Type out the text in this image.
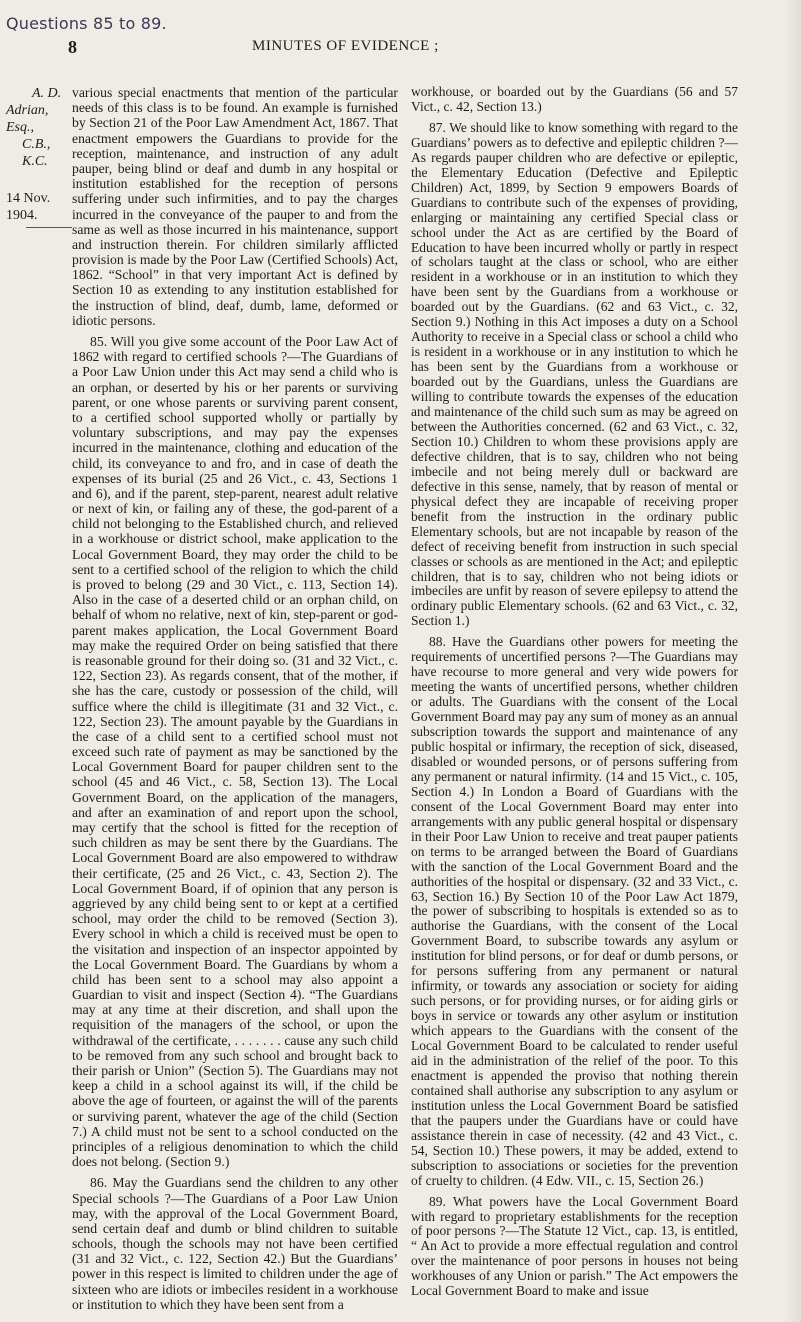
Questions 85 to 89.
8	MINUTES OF EVIDENCE ;
A. D.
Adrian, Esq.,
C.B., K.C.
14 Nov. 1904.

various special enactments that mention of the particular needs of this class is to be found. An example is furnished by Section 21 of the Poor Law Amendment Act, 1867. That enactment empowers the Guardians to provide for the reception, maintenance, and instruction of any adult pauper, being blind or deaf and dumb in any hospital or institution established for the reception of persons suffering under such infirmities, and to pay the charges incurred in the conveyance of the pauper to and from the same as well as those incurred in his maintenance, support and instruction therein. For children similarly afflicted provision is made by the Poor Law (Certified Schools) Act, 1862. “School” in that very important Act is defined by Section 10 as extending to any institution established for the instruction of blind, deaf, dumb, lame, deformed or idiotic persons.

85. Will you give some account of the Poor Law Act of 1862 with regard to certified schools ?—The Guardians of a Poor Law Union under this Act may send a child who is an orphan, or deserted by his or her parents or surviving parent, or one whose parents or surviving parent consent, to a certified school supported wholly or partially by voluntary subscriptions, and may pay the expenses incurred in the maintenance, clothing and education of the child, its conveyance to and fro, and in case of death the expenses of its burial (25 and 26 Vict., c. 43, Sections 1 and 6), and if the parent, step-parent, nearest adult relative or next of kin, or failing any of these, the god-parent of a child not belonging to the Established church, and relieved in a workhouse or district school, make application to the Local Government Board, they may order the child to be sent to a certified school of the religion to which the child is proved to belong (29 and 30 Vict., c. 113, Section 14). Also in the case of a deserted child or an orphan child, on behalf of whom no relative, next of kin, step-parent or god-parent makes application, the Local Government Board may make the required Order on being satisfied that there is reasonable ground for their doing so. (31 and 32 Vict., c. 122, Section 23). As regards consent, that of the mother, if she has the care, custody or possession of the child, will suffice where the child is illegitimate (31 and 32 Vict., c. 122, Section 23). The amount payable by the Guardians in the case of a child sent to a certified school must not exceed such rate of payment as may be sanctioned by the Local Government Board for pauper children sent to the school (45 and 46 Vict., c. 58, Section 13). The Local Government Board, on the application of the managers, and after an examination of and report upon the school, may certify that the school is fitted for the reception of such children as may be sent there by the Guardians. The Local Government Board are also empowered to withdraw their certificate, (25 and 26 Vict., c. 43, Section 2). The Local Government Board, if of opinion that any person is aggrieved by any child being sent to or kept at a certified school, may order the child to be removed (Section 3). Every school in which a child is received must be open to the visitation and inspection of an inspector appointed by the Local Government Board. The Guardians by whom a child has been sent to a school may also appoint a Guardian to visit and inspect (Section 4). “The Guardians may at any time at their discretion, and shall upon the requisition of the managers of the school, or upon the withdrawal of the certificate, . . . . . . . cause any such child to be removed from any such school and brought back to their parish or Union” (Section 5). The Guardians may not keep a child in a school against its will, if the child be above the age of fourteen, or against the will of the parents or surviving parent, whatever the age of the child (Section 7.) A child must not be sent to a school conducted on the principles of a religious denomination to which the child does not belong. (Section 9.)

86. May the Guardians send the children to any other Special schools ?—The Guardians of a Poor Law Union may, with the approval of the Local Government Board, send certain deaf and dumb or blind children to suitable schools, though the schools may not have been certified (31 and 32 Vict., c. 122, Section 42.) But the Guardians’ power in this respect is limited to children under the age of sixteen who are idiots or imbeciles resident in a workhouse or institution to which they have been sent from a

workhouse, or boarded out by the Guardians (56 and 57 Vict., c. 42, Section 13.)

87. We should like to know something with regard to the Guardians’ powers as to defective and epileptic children ?—As regards pauper children who are defective or epileptic, the Elementary Education (Defective and Epileptic Children) Act, 1899, by Section 9 empowers Boards of Guardians to contribute such of the expenses of providing, enlarging or maintaining any certified Special class or school under the Act as are certified by the Board of Education to have been incurred wholly or partly in respect of scholars taught at the class or school, who are either resident in a workhouse or in an institution to which they have been sent by the Guardians from a workhouse or boarded out by the Guardians. (62 and 63 Vict., c. 32, Section 9.) Nothing in this Act imposes a duty on a School Authority to receive in a Special class or school a child who is resident in a workhouse or in any institution to which he has been sent by the Guardians from a workhouse or boarded out by the Guardians, unless the Guardians are willing to contribute towards the expenses of the education and maintenance of the child such sum as may be agreed on between the Authorities concerned. (62 and 63 Vict., c. 32, Section 10.) Children to whom these provisions apply are defective children, that is to say, children who not being imbecile and not being merely dull or backward are defective in this sense, namely, that by reason of mental or physical defect they are incapable of receiving proper benefit from the instruction in the ordinary public Elementary schools, but are not incapable by reason of the defect of receiving benefit from instruction in such special classes or schools as are mentioned in the Act; and epileptic children, that is to say, children who not being idiots or imbeciles are unfit by reason of severe epilepsy to attend the ordinary public Elementary schools. (62 and 63 Vict., c. 32, Section 1.)

88. Have the Guardians other powers for meeting the requirements of uncertified persons ?—The Guardians may have recourse to more general and very wide powers for meeting the wants of uncertified persons, whether children or adults. The Guardians with the consent of the Local Government Board may pay any sum of money as an annual subscription towards the support and maintenance of any public hospital or infirmary, the reception of sick, diseased, disabled or wounded persons, or of persons suffering from any permanent or natural infirmity. (14 and 15 Vict., c. 105, Section 4.) In London a Board of Guardians with the consent of the Local Government Board may enter into arrangements with any public general hospital or dispensary in their Poor Law Union to receive and treat pauper patients on terms to be arranged between the Board of Guardians with the sanction of the Local Government Board and the authorities of the hospital or dispensary. (32 and 33 Vict., c. 63, Section 16.) By Section 10 of the Poor Law Act 1879, the power of subscribing to hospitals is extended so as to authorise the Guardians, with the consent of the Local Government Board, to subscribe towards any asylum or institution for blind persons, or for deaf or dumb persons, or for persons suffering from any permanent or natural infirmity, or towards any association or society for aiding such persons, or for providing nurses, or for aiding girls or boys in service or towards any other asylum or institution which appears to the Guardians with the consent of the Local Government Board to be calculated to render useful aid in the administration of the relief of the poor. To this enactment is appended the proviso that nothing therein contained shall authorise any subscription to any asylum or institution unless the Local Government Board be satisfied that the paupers under the Guardians have or could have assistance therein in case of necessity. (42 and 43 Vict., c. 54, Section 10.) These powers, it may be added, extend to subscription to associations or societies for the prevention of cruelty to children. (4 Edw. VII., c. 15, Section 26.)

89. What powers have the Local Government Board with regard to proprietary establishments for the reception of poor persons ?—The Statute 12 Vict., cap. 13, is entitled, “ An Act to provide a more effectual regulation and control over the maintenance of poor persons in houses not being workhouses of any Union or parish.” The Act empowers the Local Government Board to make and issue
